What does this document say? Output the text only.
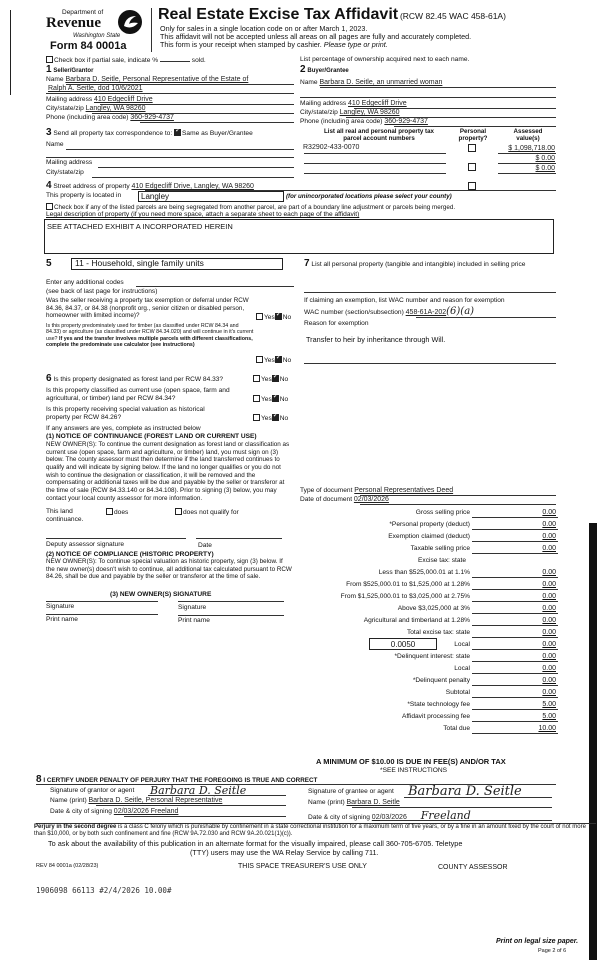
Department of
Revenue
Washington State
Form 84 0001a
Real Estate Excise Tax Affidavit (RCW 82.45 WAC 458-61A)
Only for sales in a single location code on or after March 1, 2023.
This affidavit will not be accepted unless all areas on all pages are fully and accurately completed.
This form is your receipt when stamped by cashier. Please type or print.
Check box if partial sale, indicate %	sold.	List percentage of ownership acquired next to each name.
1 Seller/Grantor
Name Barbara D. Seitle, Personal Representative of the Estate of
Ralph A. Seitle, dod 10/6/2021
Mailing address 410 Edgecliff Drive
City/state/zip Langley, WA 98260
Phone (including area code) 360-929-4737
2 Buyer/Grantee
Name Barbara D. Seitle, an unmarried woman
Mailing address 410 Edgecliff Drive
City/state/zip Langley, WA 98260
Phone (including area code) 360-929-4737
3 Send all property tax correspondence to: ✓ Same as Buyer/Grantee
Name
Mailing address
City/state/zip
List all real and personal property tax
parcel account numbers
Personal
property?
Assessed
value(s)
R32902-433-0070	$ 1,098,718.00
$ 0.00
$ 0.00
4 Street address of property 410 Edgecliff Drive, Langley, WA 98260
This property is located in Langley	(for unincorporated locations please select your county)
Check box if any of the listed parcels are being segregated from another parcel, are part of a boundary line adjustment or parcels being merged.
Legal description of property (if you need more space, attach a separate sheet to each page of the affidavit)
SEE ATTACHED EXHIBIT A INCORPORATED HEREIN
5	11 - Household, single family units
Enter any additional codes
(see back of last page for instructions)
Was the seller receiving a property tax exemption or deferral under RCW 84.36, 84.37, or 84.38 (nonprofit org., senior citizen or disabled person, homeowner with limited income)?	Yes ✓ No
Is this property predominately used for timber (as classified under RCW 84.34 and 84.33) or agriculture (as classified under RCW 84.34.020) and will continue in it's current use? If yes and the transfer involves multiple parcels with different classifications, complete the predominate use calculator (see instructions)
Yes ✓ No
7 List all personal property (tangible and intangible) included in selling price
If claiming an exemption, list WAC number and reason for exemption
WAC number (section/subsection) 458-61A-202(6)(a)
Reason for exemption
Transfer to heir by inheritance through Will.
6 Is this property designated as forest land per RCW 84.33?	Yes ✓ No
Is this property classified as current use (open space, farm and agricultural, or timber) land per RCW 84.34?	Yes ✓ No
Is this property receiving special valuation as historical property per RCW 84.26?	Yes ✓ No
If any answers are yes, complete as instructed below
(1) NOTICE OF CONTINUANCE (FOREST LAND OR CURRENT USE)
NEW OWNER(S): To continue the current designation as forest land or classification as current use (open space, farm and agriculture, or timber) land, you must sign on (3) below. The county assessor must then determine if the land transferred continues to qualify and will indicate by signing below. If the land no longer qualifies or you do not wish to continue the designation or classification, it will be removed and the compensating or additional taxes will be due and payable by the seller or transferor at the time of sale (RCW 84.33.140 or 84.34.108). Prior to signing (3) below, you may contact your local county assessor for more information.
This land
continuance.
does	does not qualify for
Deputy assessor signature	Date
(2) NOTICE OF COMPLIANCE (HISTORIC PROPERTY)
NEW OWNER(S): To continue special valuation as historic property, sign (3) below. If the new owner(s) doesn't wish to continue, all additional tax calculated pursuant to RCW 84.26, shall be due and payable by the seller or transferor at the time of sale.
(3) NEW OWNER(S) SIGNATURE
Signature	Signature
Print name	Print name
Type of document Personal Representatives Deed
Date of document 02/03/2026
Gross selling price	0.00
*Personal property (deduct)	0.00
Exemption claimed (deduct)	0.00
Taxable selling price	0.00
Excise tax: state
Less than $525,000.01 at 1.1%	0.00
From $525,000.01 to $1,525,000 at 1.28%	0.00
From $1,525,000.01 to $3,025,000 at 2.75%	0.00
Above $3,025,000 at 3%	0.00
Agricultural and timberland at 1.28%	0.00
Total excise tax: state	0.00
0.0050	Local	0.00
*Delinquent interest: state	0.00
Local	0.00
*Delinquent penalty	0.00
Subtotal	0.00
*State technology fee	5.00
Affidavit processing fee	5.00
Total due	10.00
A MINIMUM OF $10.00 IS DUE IN FEE(S) AND/OR TAX
*SEE INSTRUCTIONS
8 I CERTIFY UNDER PENALTY OF PERJURY THAT THE FOREGOING IS TRUE AND CORRECT
Signature of grantor or agent Barbara D. Seitle
Name (print) Barbara D. Seitle, Personal Representative
Date & city of signing 02/03/2026 Freeland
Signature of grantee or agent Barbara D. Seitle
Name (print) Barbara D. Seitle
Date & city of signing 02/03/2026 Freeland
Perjury in the second degree is a class C felony which is punishable by confinement in a state correctional institution for a maximum term of five years, or by a fine in an amount fixed by the court of not more than $10,000, or by both such confinement and fine (RCW 9A.72.030 and RCW 9A.20.021(1)(c)).
To ask about the availability of this publication in an alternate format for the visually impaired, please call 360-705-6705. Teletype
(TTY) users may use the WA Relay Service by calling 711.
REV 84 0001a (02/28/23)	THIS SPACE TREASURER'S USE ONLY	COUNTY ASSESSOR
1906098 66113 #2/4/2026 10.00#
Print on legal size paper.
Page 2 of 6
